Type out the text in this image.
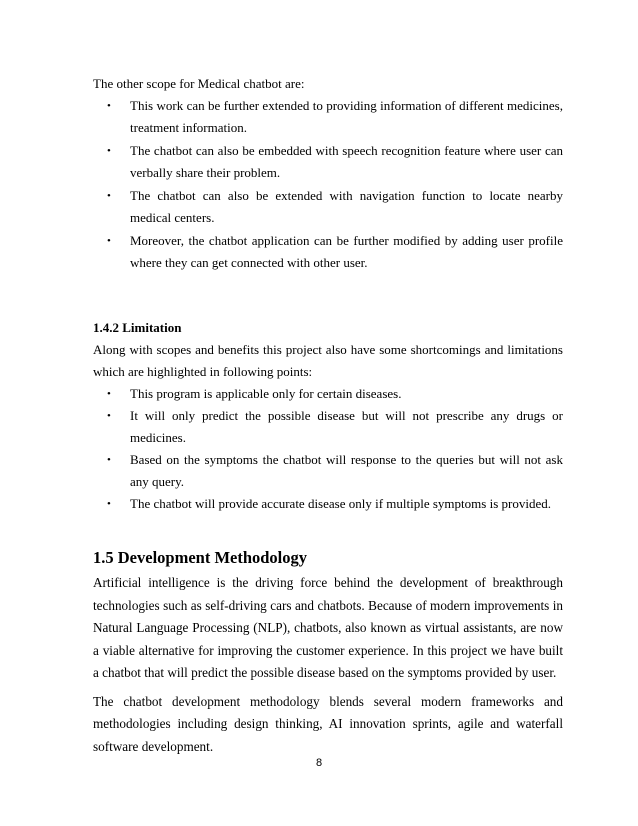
The other scope for Medical chatbot are:

• This work can be further extended to providing information of different medicines, treatment information.
• The chatbot can also be embedded with speech recognition feature where user can verbally share their problem.
• The chatbot can also be extended with navigation function to locate nearby medical centers.
• Moreover, the chatbot application can be further modified by adding user profile where they can get connected with other user.
1.4.2 Limitation

Along with scopes and benefits this project also have some shortcomings and limitations which are highlighted in following points:

• This program is applicable only for certain diseases.
• It will only predict the possible disease but will not prescribe any drugs or medicines.
• Based on the symptoms the chatbot will response to the queries but will not ask any query.
• The chatbot will provide accurate disease only if multiple symptoms is provided.
1.5 Development Methodology

Artificial intelligence is the driving force behind the development of breakthrough technologies such as self-driving cars and chatbots. Because of modern improvements in Natural Language Processing (NLP), chatbots, also known as virtual assistants, are now a viable alternative for improving the customer experience. In this project we have built a chatbot that will predict the possible disease based on the symptoms provided by user.

The chatbot development methodology blends several modern frameworks and methodologies including design thinking, AI innovation sprints, agile and waterfall software development.

8
